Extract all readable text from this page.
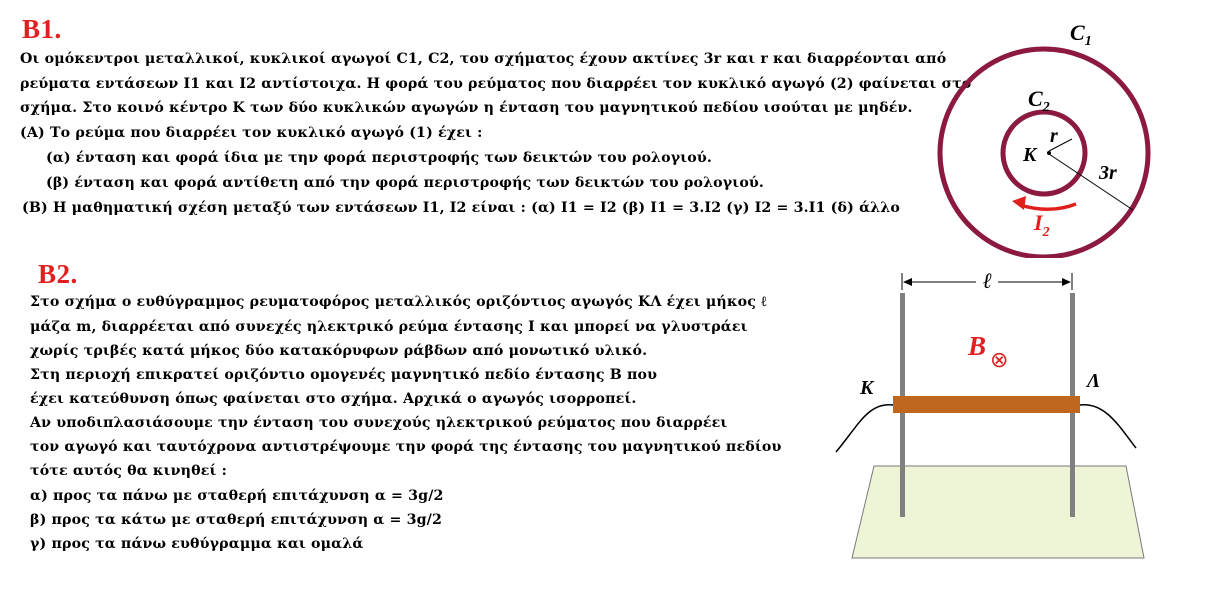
B1.
Οι ομόκεντροι μεταλλικοί, κυκλικοί αγωγοί C1, C2, του σχήματος έχουν ακτίνες 3r και r και διαρρέονται από
ρεύματα εντάσεων Ι1 και Ι2 αντίστοιχα. Η φορά του ρεύματος που διαρρέει τον κυκλικό αγωγό (2) φαίνεται στο
σχήμα. Στο κοινό κέντρο Κ των δύο κυκλικών αγωγών η ένταση του μαγνητικού πεδίου ισούται με μηδέν.
(Α) Το ρεύμα που διαρρέει τον κυκλικό αγωγό (1) έχει :
(α) ένταση και φορά ίδια με την φορά περιστροφής των δεικτών του ρολογιού.
(β) ένταση και φορά αντίθετη από την φορά περιστροφής των δεικτών του ρολογιού.
(Β) Η μαθηματική σχέση μεταξύ των εντάσεων Ι1, Ι2 είναι : (α) Ι1 = Ι2 (β) Ι1 = 3.Ι2 (γ) Ι2 = 3.Ι1 (δ) άλλο
$C_1$
$C_2$
K
r
3r
$I_2$
B2.
Στο σχήμα ο ευθύγραμμος ρευματοφόρος μεταλλικός οριζόντιος αγωγός ΚΛ έχει μήκος ℓ
μάζα m, διαρρέεται από συνεχές ηλεκτρικό ρεύμα έντασης Ι και μπορεί να γλυστράει
χωρίς τριβές κατά μήκος δύο κατακόρυφων ράβδων από μονωτικό υλικό.
Στη περιοχή επικρατεί οριζόντιο ομογενές μαγνητικό πεδίο έντασης Β που
έχει κατεύθυνση όπως φαίνεται στο σχήμα. Αρχικά ο αγωγός ισορροπεί.
Αν υποδιπλασιάσουμε την ένταση του συνεχούς ηλεκτρικού ρεύματος που διαρρέει
τον αγωγό και ταυτόχρονα αντιστρέψουμε την φορά της έντασης του μαγνητικού πεδίου
τότε αυτός θα κινηθεί :
α) προς τα πάνω με σταθερή επιτάχυνση α = 3g/2
β) προς τα κάτω με σταθερή επιτάχυνση α = 3g/2
γ) προς τα πάνω ευθύγραμμα και ομαλά
ℓ
B ⊗
K	Λ
